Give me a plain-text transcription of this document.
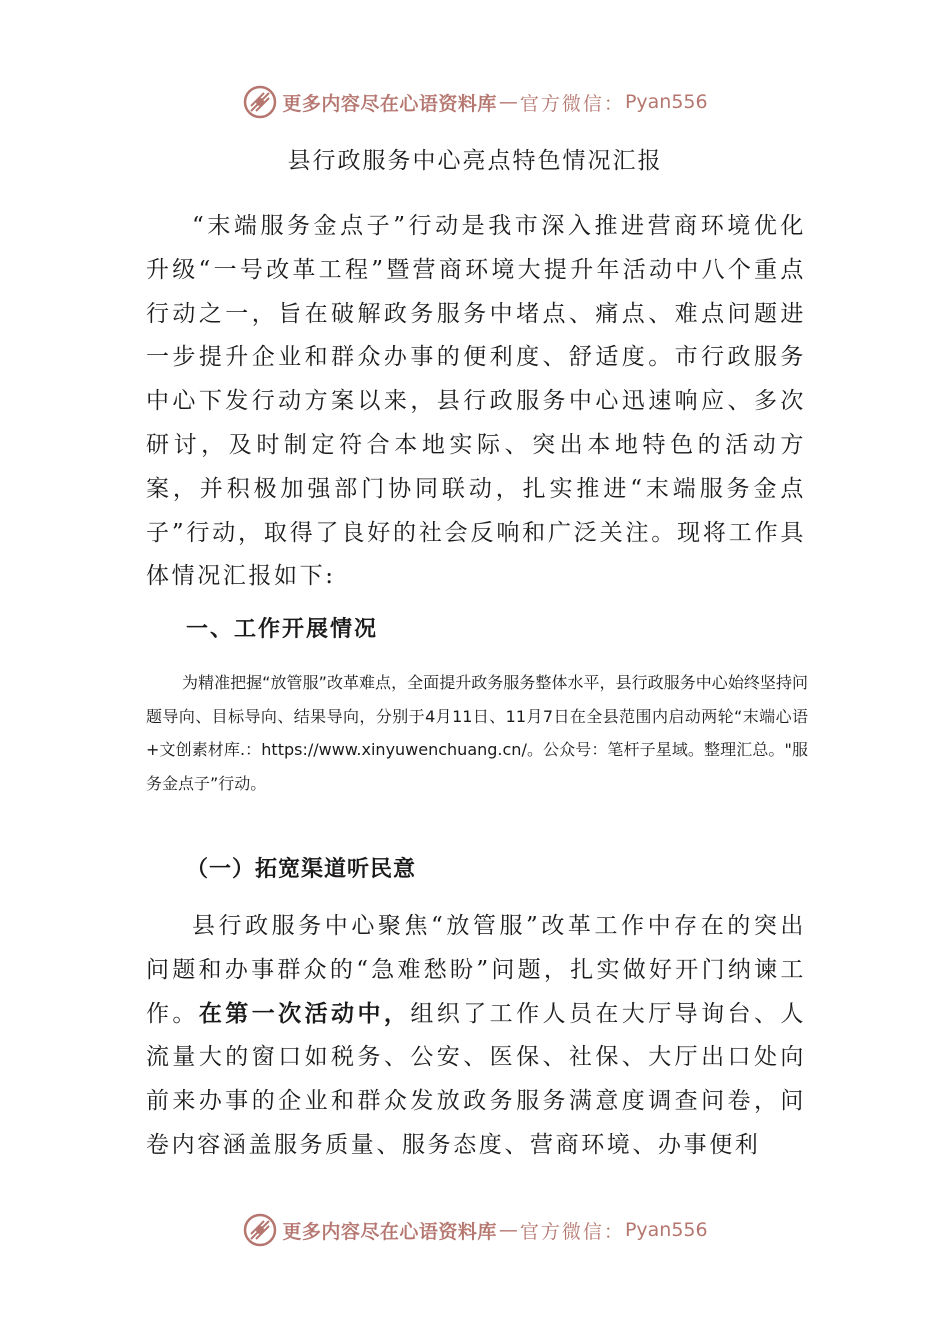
更多内容尽在心语资料库 — 官方微信： Pyan556
县行政服务中心亮点特色情况汇报

“末端服务金点子”行动是我市深入推进营商环境优化升级“一号改革工程”暨营商环境大提升年活动中八个重点行动之一，旨在破解政务服务中堵点、痛点、难点问题进一步提升企业和群众办事的便利度、舒适度。市行政服务中心下发行动方案以来，县行政服务中心迅速响应、多次研讨，及时制定符合本地实际、突出本地特色的活动方案，并积极加强部门协同联动，扎实推进“末端服务金点子”行动，取得了良好的社会反响和广泛关注。现将工作具体情况汇报如下:

一、工作开展情况

为精准把握“放管服”改革难点，全面提升政务服务整体水平，县行政服务中心始终坚持问题导向、目标导向、结果导向，分别于4月11日、11月7日在全县范围内启动两轮“末端心语+文创素材库.：https://www.xinyuwenchuang.cn/。公众号：笔杆子星域。整理汇总。"服务金点子”行动。

（一）拓宽渠道听民意

县行政服务中心聚焦“放管服”改革工作中存在的突出问题和办事群众的“急难愁盼”问题，扎实做好开门纳谏工作。在第一次活动中，组织了工作人员在大厅导询台、人流量大的窗口如税务、公安、医保、社保、大厅出口处向前来办事的企业和群众发放政务服务满意度调查问卷，问卷内容涵盖服务质量、服务态度、营商环境、办事便利

更多内容尽在心语资料库 — 官方微信： Pyan556
